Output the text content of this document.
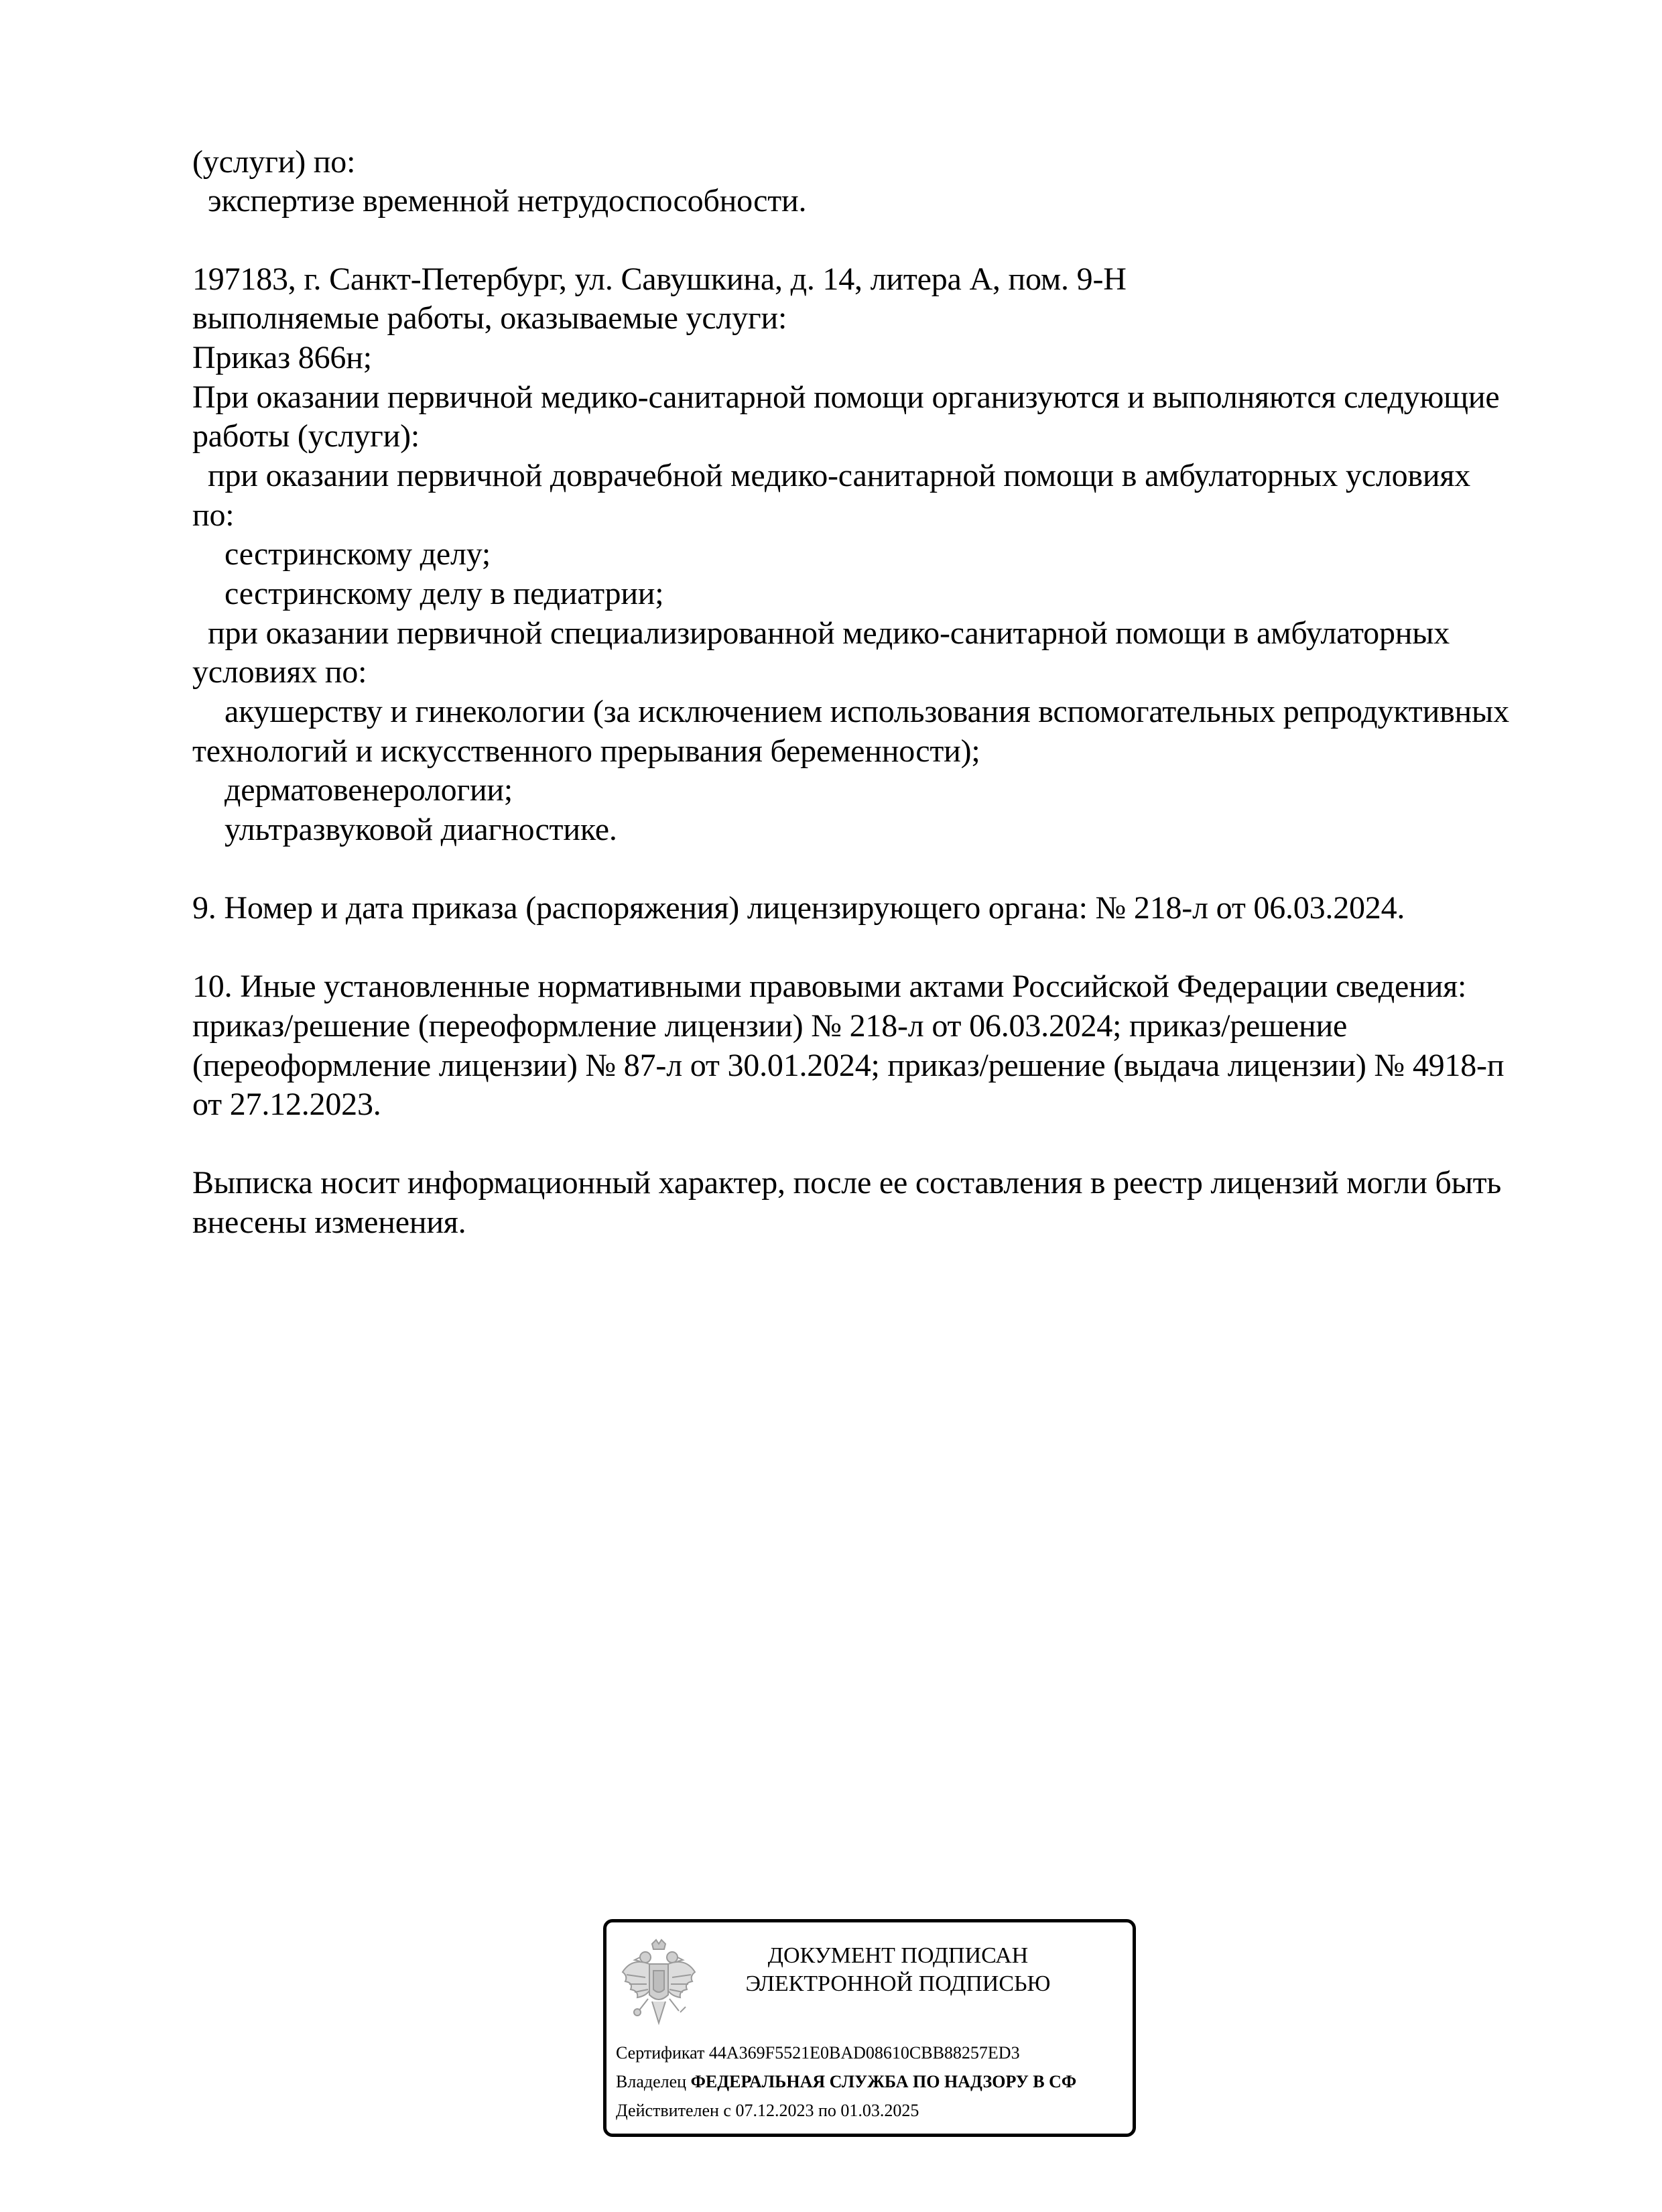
(услуги) по:
экспертизе временной нетрудоспособности.
197183, г. Санкт-Петербург, ул. Савушкина, д. 14, литера А, пом. 9-Н
выполняемые работы, оказываемые услуги:
Приказ 866н;
При оказании первичной медико-санитарной помощи организуются и выполняются следующие
работы (услуги):
при оказании первичной доврачебной медико-санитарной помощи в амбулаторных условиях
по:
сестринскому делу;
сестринскому делу в педиатрии;
при оказании первичной специализированной медико-санитарной помощи в амбулаторных
условиях по:
акушерству и гинекологии (за исключением использования вспомогательных репродуктивных
технологий и искусственного прерывания беременности);
дерматовенерологии;
ультразвуковой диагностике.
9. Номер и дата приказа (распоряжения) лицензирующего органа: № 218-л от 06.03.2024.
10. Иные установленные нормативными правовыми актами Российской Федерации сведения:
приказ/решение (переоформление лицензии) № 218-л от 06.03.2024; приказ/решение
(переоформление лицензии) № 87-л от 30.01.2024; приказ/решение (выдача лицензии) № 4918-п
от 27.12.2023.
Выписка носит информационный характер, после ее составления в реестр лицензий могли быть
внесены изменения.
ДОКУМЕНТ ПОДПИСАН
ЭЛЕКТРОННОЙ ПОДПИСЬЮ
Сертификат 44A369F5521E0BAD08610CBB88257ED3
Владелец ФЕДЕРАЛЬНАЯ СЛУЖБА ПО НАДЗОРУ В СФ
Действителен с 07.12.2023 по 01.03.2025
